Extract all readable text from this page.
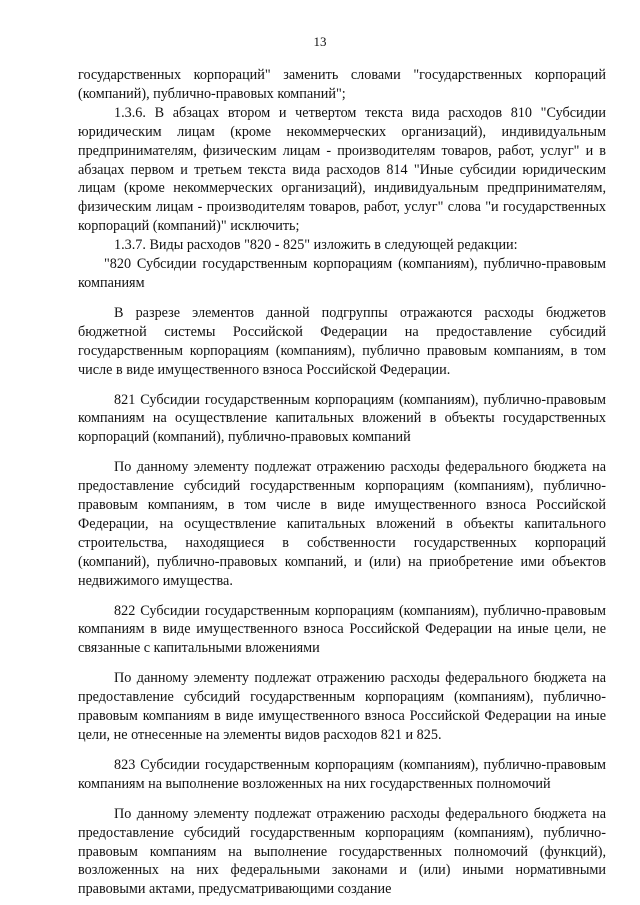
13

государственных корпораций" заменить словами "государственных корпораций (компаний), публично-правовых компаний";

1.3.6. В абзацах втором и четвертом текста вида расходов 810 "Субсидии юридическим лицам (кроме некоммерческих организаций), индивидуальным предпринимателям, физическим лицам - производителям товаров, работ, услуг" и в абзацах первом и третьем текста вида расходов 814 "Иные субсидии юридическим лицам (кроме некоммерческих организаций), индивидуальным предпринимателям, физическим лицам - производителям товаров, работ, услуг" слова "и государственных корпораций (компаний)" исключить;

1.3.7. Виды расходов "820 - 825" изложить в следующей редакции:

"820 Субсидии государственным корпорациям (компаниям), публично-правовым компаниям

В разрезе элементов данной подгруппы отражаются расходы бюджетов бюджетной системы Российской Федерации на предоставление субсидий государственным корпорациям (компаниям), публично правовым компаниям, в том числе в виде имущественного взноса Российской Федерации.

821 Субсидии государственным корпорациям (компаниям), публично-правовым компаниям на осуществление капитальных вложений в объекты государственных корпораций (компаний), публично-правовых компаний

По данному элементу подлежат отражению расходы федерального бюджета на предоставление субсидий государственным корпорациям (компаниям), публично-правовым компаниям, в том числе в виде имущественного взноса Российской Федерации, на осуществление капитальных вложений в объекты капитального строительства, находящиеся в собственности государственных корпораций (компаний), публично-правовых компаний, и (или) на приобретение ими объектов недвижимого имущества.

822 Субсидии государственным корпорациям (компаниям), публично-правовым компаниям в виде имущественного взноса Российской Федерации на иные цели, не связанные с капитальными вложениями

По данному элементу подлежат отражению расходы федерального бюджета на предоставление субсидий государственным корпорациям (компаниям), публично-правовым компаниям в виде имущественного взноса Российской Федерации на иные цели, не отнесенные на элементы видов расходов 821 и 825.

823 Субсидии государственным корпорациям (компаниям), публично-правовым компаниям на выполнение возложенных на них государственных полномочий

По данному элементу подлежат отражению расходы федерального бюджета на предоставление субсидий государственным корпорациям (компаниям), публично-правовым компаниям на выполнение государственных полномочий (функций), возложенных на них федеральными законами и (или) иными нормативными правовыми актами, предусматривающими создание
